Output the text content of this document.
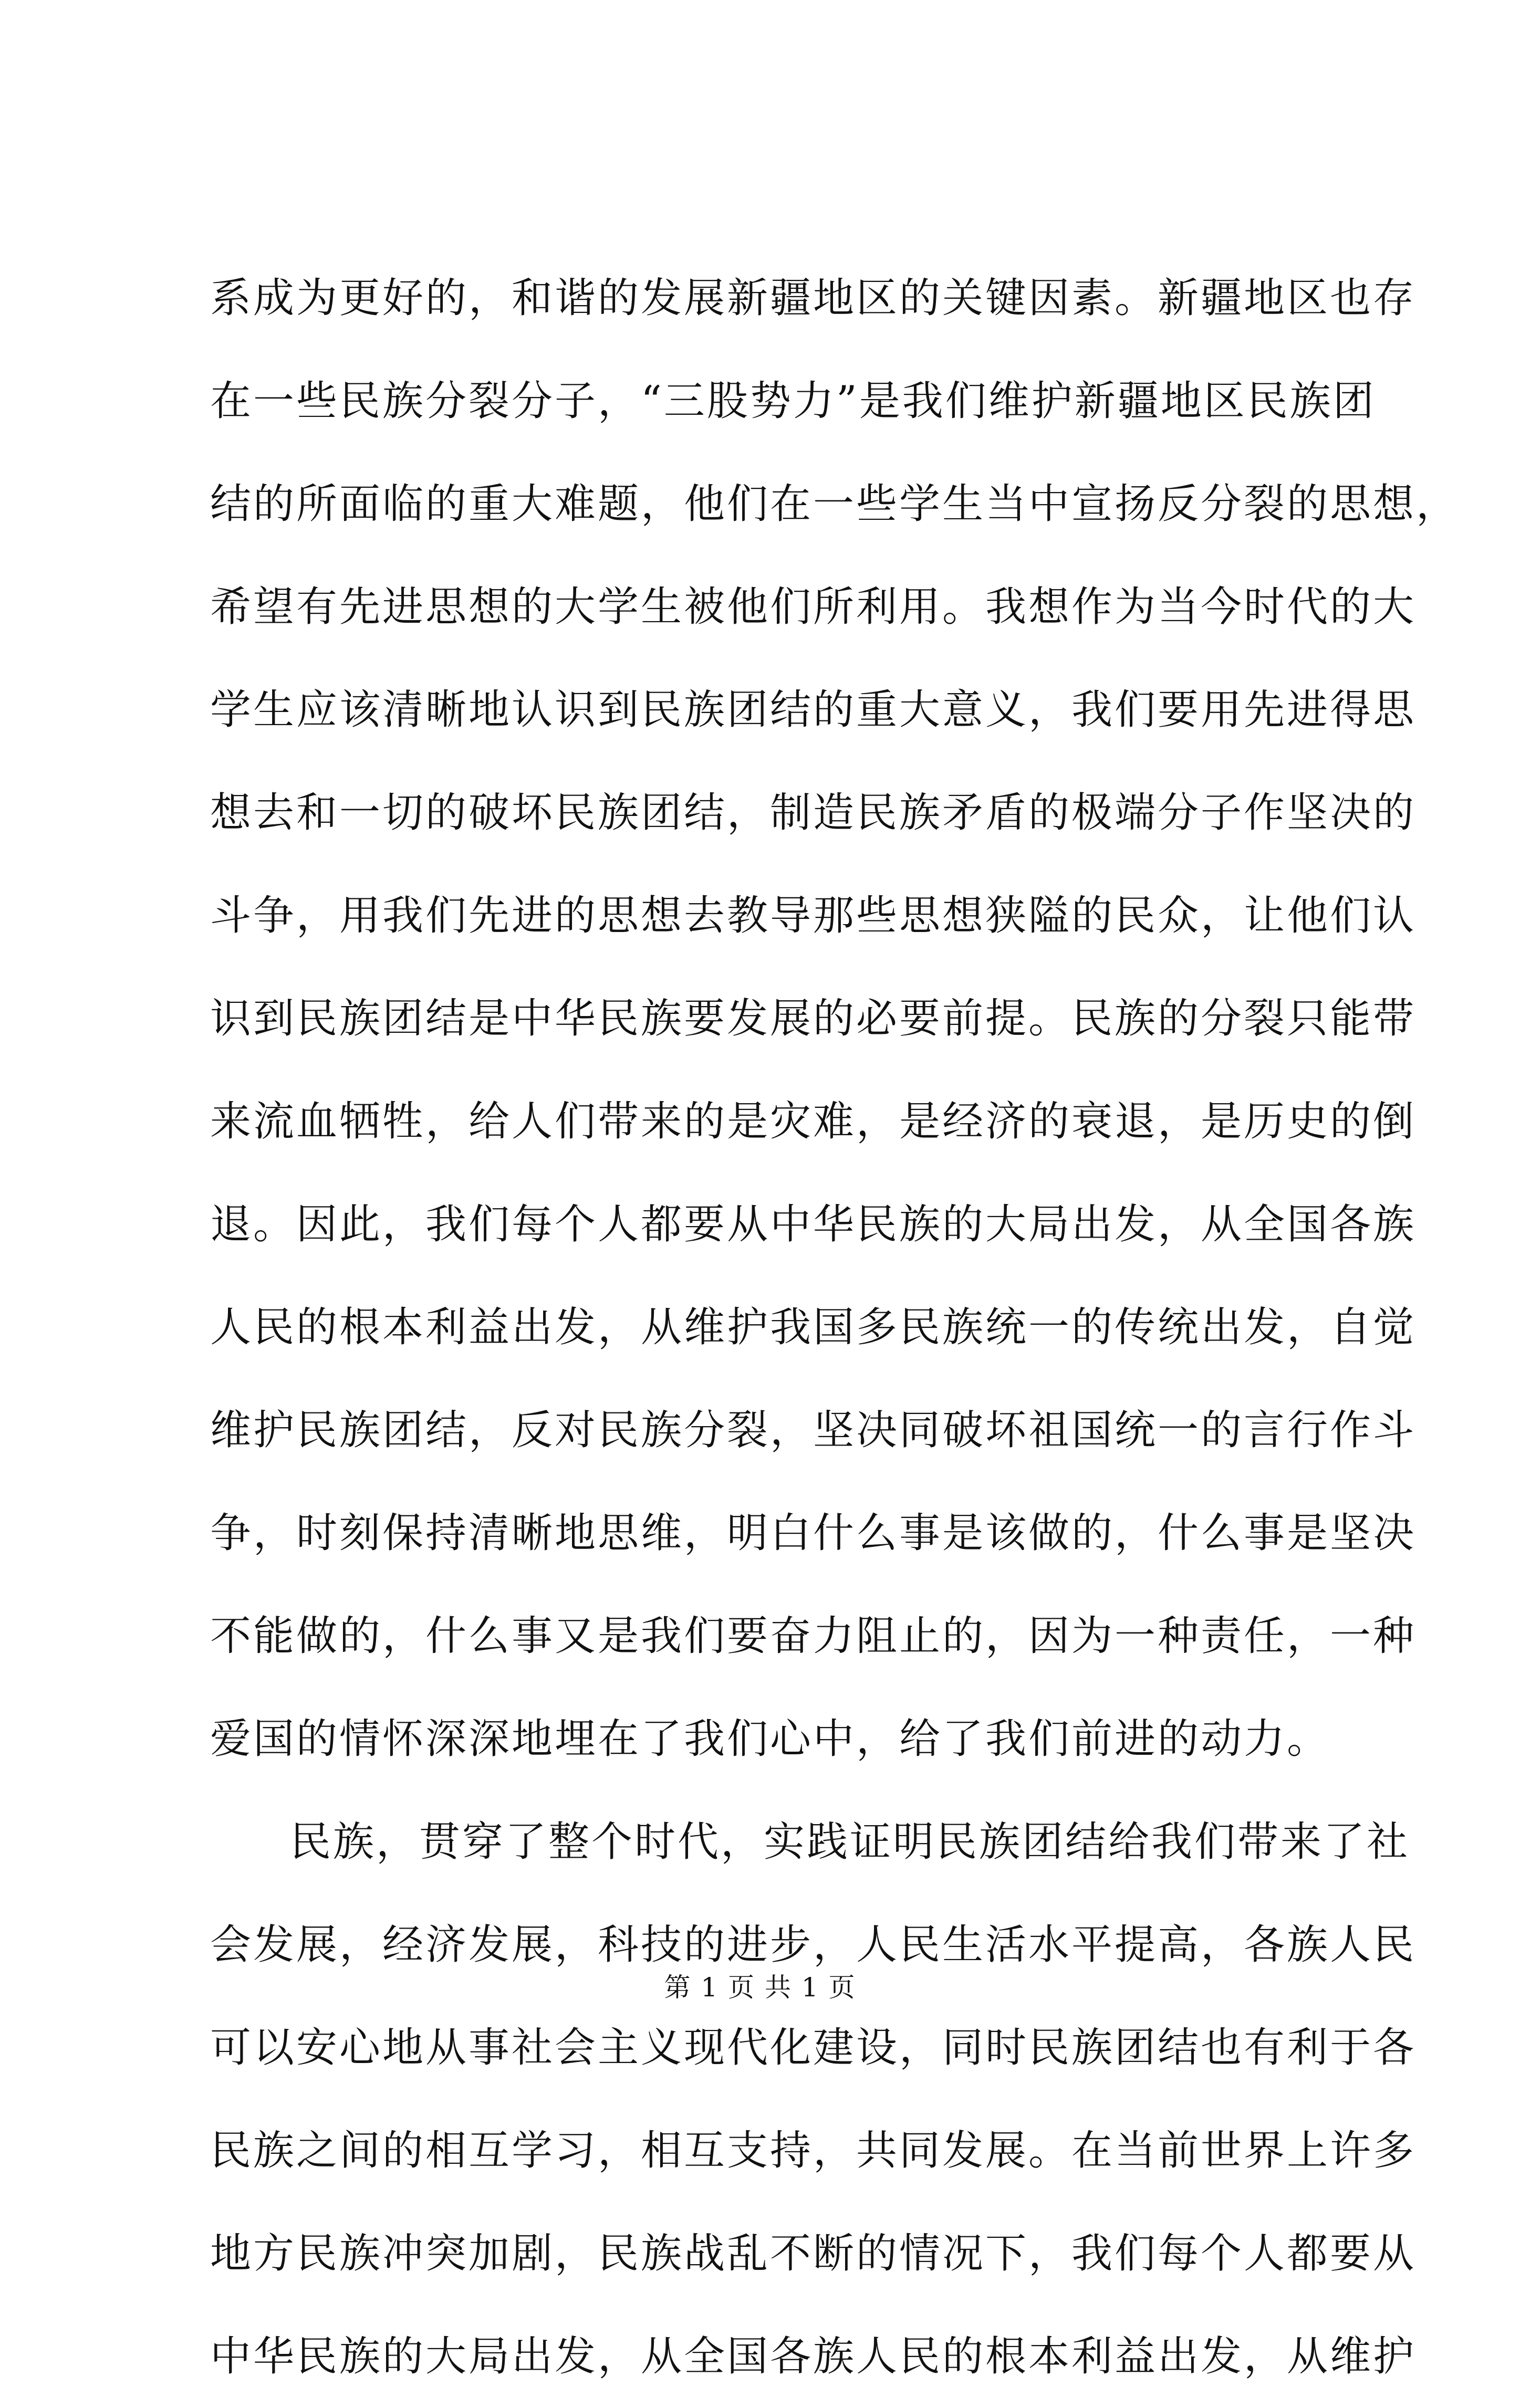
系成为更好的，和谐的发展新疆地区的关键因素。新疆地区也存
在一些民族分裂分子，“三股势力”是我们维护新疆地区民族团
结的所面临的重大难题，他们在一些学生当中宣扬反分裂的思想，
希望有先进思想的大学生被他们所利用。我想作为当今时代的大
学生应该清晰地认识到民族团结的重大意义，我们要用先进得思
想去和一切的破坏民族团结，制造民族矛盾的极端分子作坚决的
斗争，用我们先进的思想去教导那些思想狭隘的民众，让他们认
识到民族团结是中华民族要发展的必要前提。民族的分裂只能带
来流血牺牲，给人们带来的是灾难，是经济的衰退，是历史的倒
退。因此，我们每个人都要从中华民族的大局出发，从全国各族
人民的根本利益出发，从维护我国多民族统一的传统出发，自觉
维护民族团结，反对民族分裂，坚决同破坏祖国统一的言行作斗
争，时刻保持清晰地思维，明白什么事是该做的，什么事是坚决
不能做的，什么事又是我们要奋力阻止的，因为一种责任，一种
爱国的情怀深深地埋在了我们心中，给了我们前进的动力。
民族，贯穿了整个时代，实践证明民族团结给我们带来了社
会发展，经济发展，科技的进步，人民生活水平提高，各族人民
可以安心地从事社会主义现代化建设，同时民族团结也有利于各
民族之间的相互学习，相互支持，共同发展。在当前世界上许多
地方民族冲突加剧，民族战乱不断的情况下，我们每个人都要从
中华民族的大局出发，从全国各族人民的根本利益出发，从维护
第 1 页 共 1 页
